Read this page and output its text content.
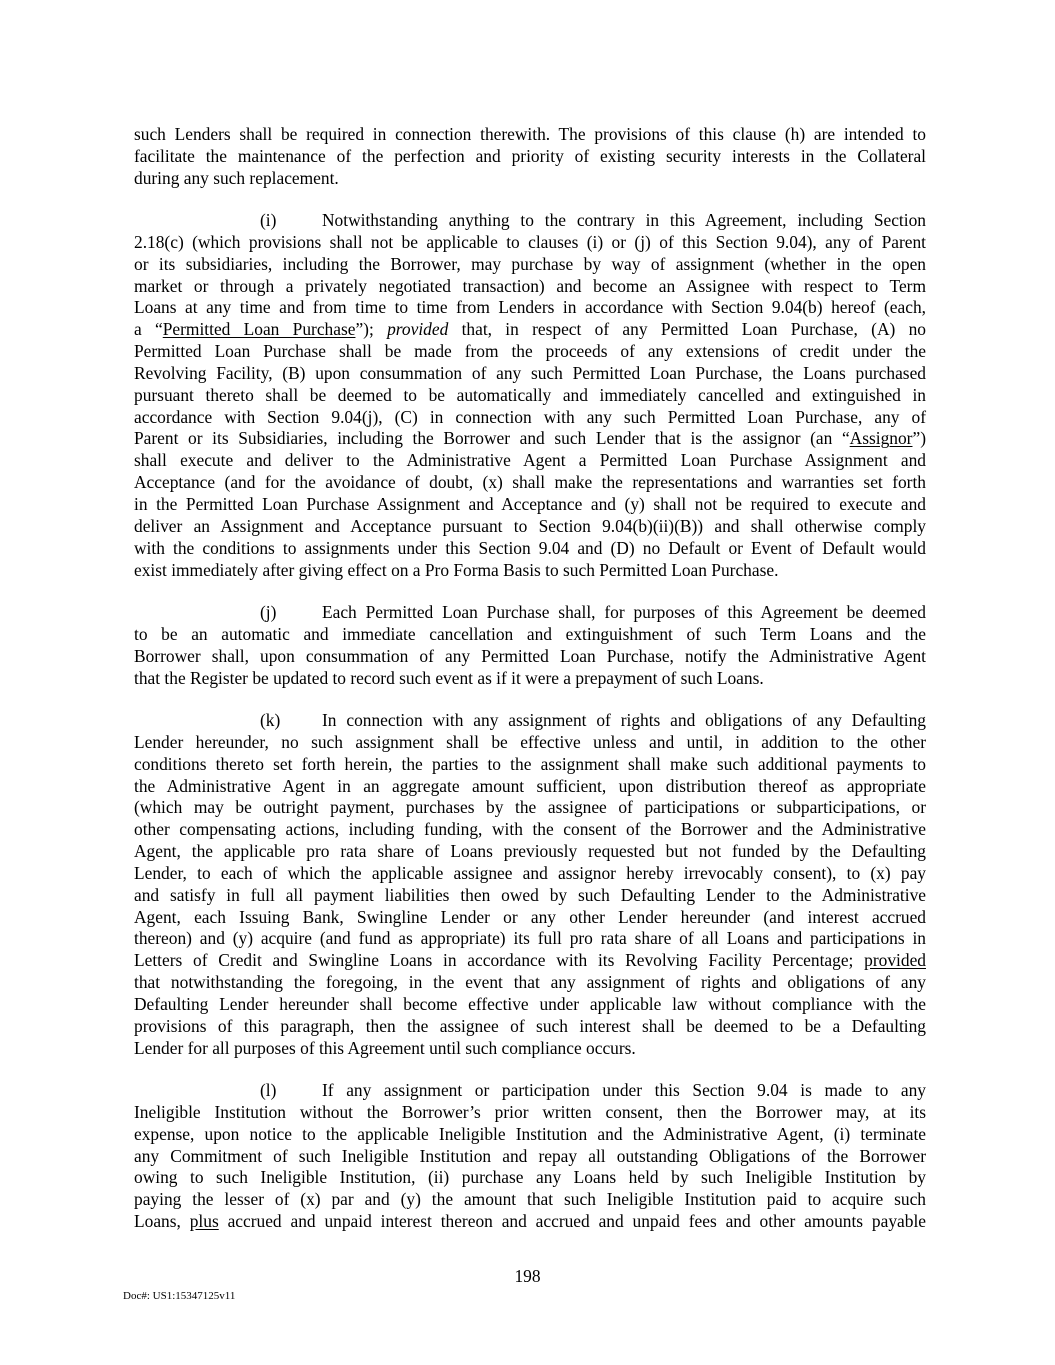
such Lenders shall be required in connection therewith. The provisions of this clause (h) are intended to
facilitate the maintenance of the perfection and priority of existing security interests in the Collateral
during any such replacement.
(i)	Notwithstanding anything to the contrary in this Agreement, including Section
2.18(c) (which provisions shall not be applicable to clauses (i) or (j) of this Section 9.04), any of Parent
or its subsidiaries, including the Borrower, may purchase by way of assignment (whether in the open
market or through a privately negotiated transaction) and become an Assignee with respect to Term
Loans at any time and from time to time from Lenders in accordance with Section 9.04(b) hereof (each,
a “Permitted Loan Purchase”); provided that, in respect of any Permitted Loan Purchase, (A) no
Permitted Loan Purchase shall be made from the proceeds of any extensions of credit under the
Revolving Facility, (B) upon consummation of any such Permitted Loan Purchase, the Loans purchased
pursuant thereto shall be deemed to be automatically and immediately cancelled and extinguished in
accordance with Section 9.04(j), (C) in connection with any such Permitted Loan Purchase, any of
Parent or its Subsidiaries, including the Borrower and such Lender that is the assignor (an “Assignor”)
shall execute and deliver to the Administrative Agent a Permitted Loan Purchase Assignment and
Acceptance (and for the avoidance of doubt, (x) shall make the representations and warranties set forth
in the Permitted Loan Purchase Assignment and Acceptance and (y) shall not be required to execute and
deliver an Assignment and Acceptance pursuant to Section 9.04(b)(ii)(B)) and shall otherwise comply
with the conditions to assignments under this Section 9.04 and (D) no Default or Event of Default would
exist immediately after giving effect on a Pro Forma Basis to such Permitted Loan Purchase.
(j)	Each Permitted Loan Purchase shall, for purposes of this Agreement be deemed
to be an automatic and immediate cancellation and extinguishment of such Term Loans and the
Borrower shall, upon consummation of any Permitted Loan Purchase, notify the Administrative Agent
that the Register be updated to record such event as if it were a prepayment of such Loans.
(k) In connection with any assignment of rights and obligations of any Defaulting
Lender hereunder, no such assignment shall be effective unless and until, in addition to the other
conditions thereto set forth herein, the parties to the assignment shall make such additional payments to
the Administrative Agent in an aggregate amount sufficient, upon distribution thereof as appropriate
(which may be outright payment, purchases by the assignee of participations or subparticipations, or
other compensating actions, including funding, with the consent of the Borrower and the Administrative
Agent, the applicable pro rata share of Loans previously requested but not funded by the Defaulting
Lender, to each of which the applicable assignee and assignor hereby irrevocably consent), to (x) pay
and satisfy in full all payment liabilities then owed by such Defaulting Lender to the Administrative
Agent, each Issuing Bank, Swingline Lender or any other Lender hereunder (and interest accrued
thereon) and (y) acquire (and fund as appropriate) its full pro rata share of all Loans and participations in
Letters of Credit and Swingline Loans in accordance with its Revolving Facility Percentage; provided
that notwithstanding the foregoing, in the event that any assignment of rights and obligations of any
Defaulting Lender hereunder shall become effective under applicable law without compliance with the
provisions of this paragraph, then the assignee of such interest shall be deemed to be a Defaulting
Lender for all purposes of this Agreement until such compliance occurs.
(l)	If any assignment or participation under this Section 9.04 is made to any
Ineligible Institution without the Borrower’s prior written consent, then the Borrower may, at its
expense, upon notice to the applicable Ineligible Institution and the Administrative Agent, (i) terminate
any Commitment of such Ineligible Institution and repay all outstanding Obligations of the Borrower
owing to such Ineligible Institution, (ii) purchase any Loans held by such Ineligible Institution by
paying the lesser of (x) par and (y) the amount that such Ineligible Institution paid to acquire such
Loans, plus accrued and unpaid interest thereon and accrued and unpaid fees and other amounts payable
198
Doc#: US1:15347125v11
